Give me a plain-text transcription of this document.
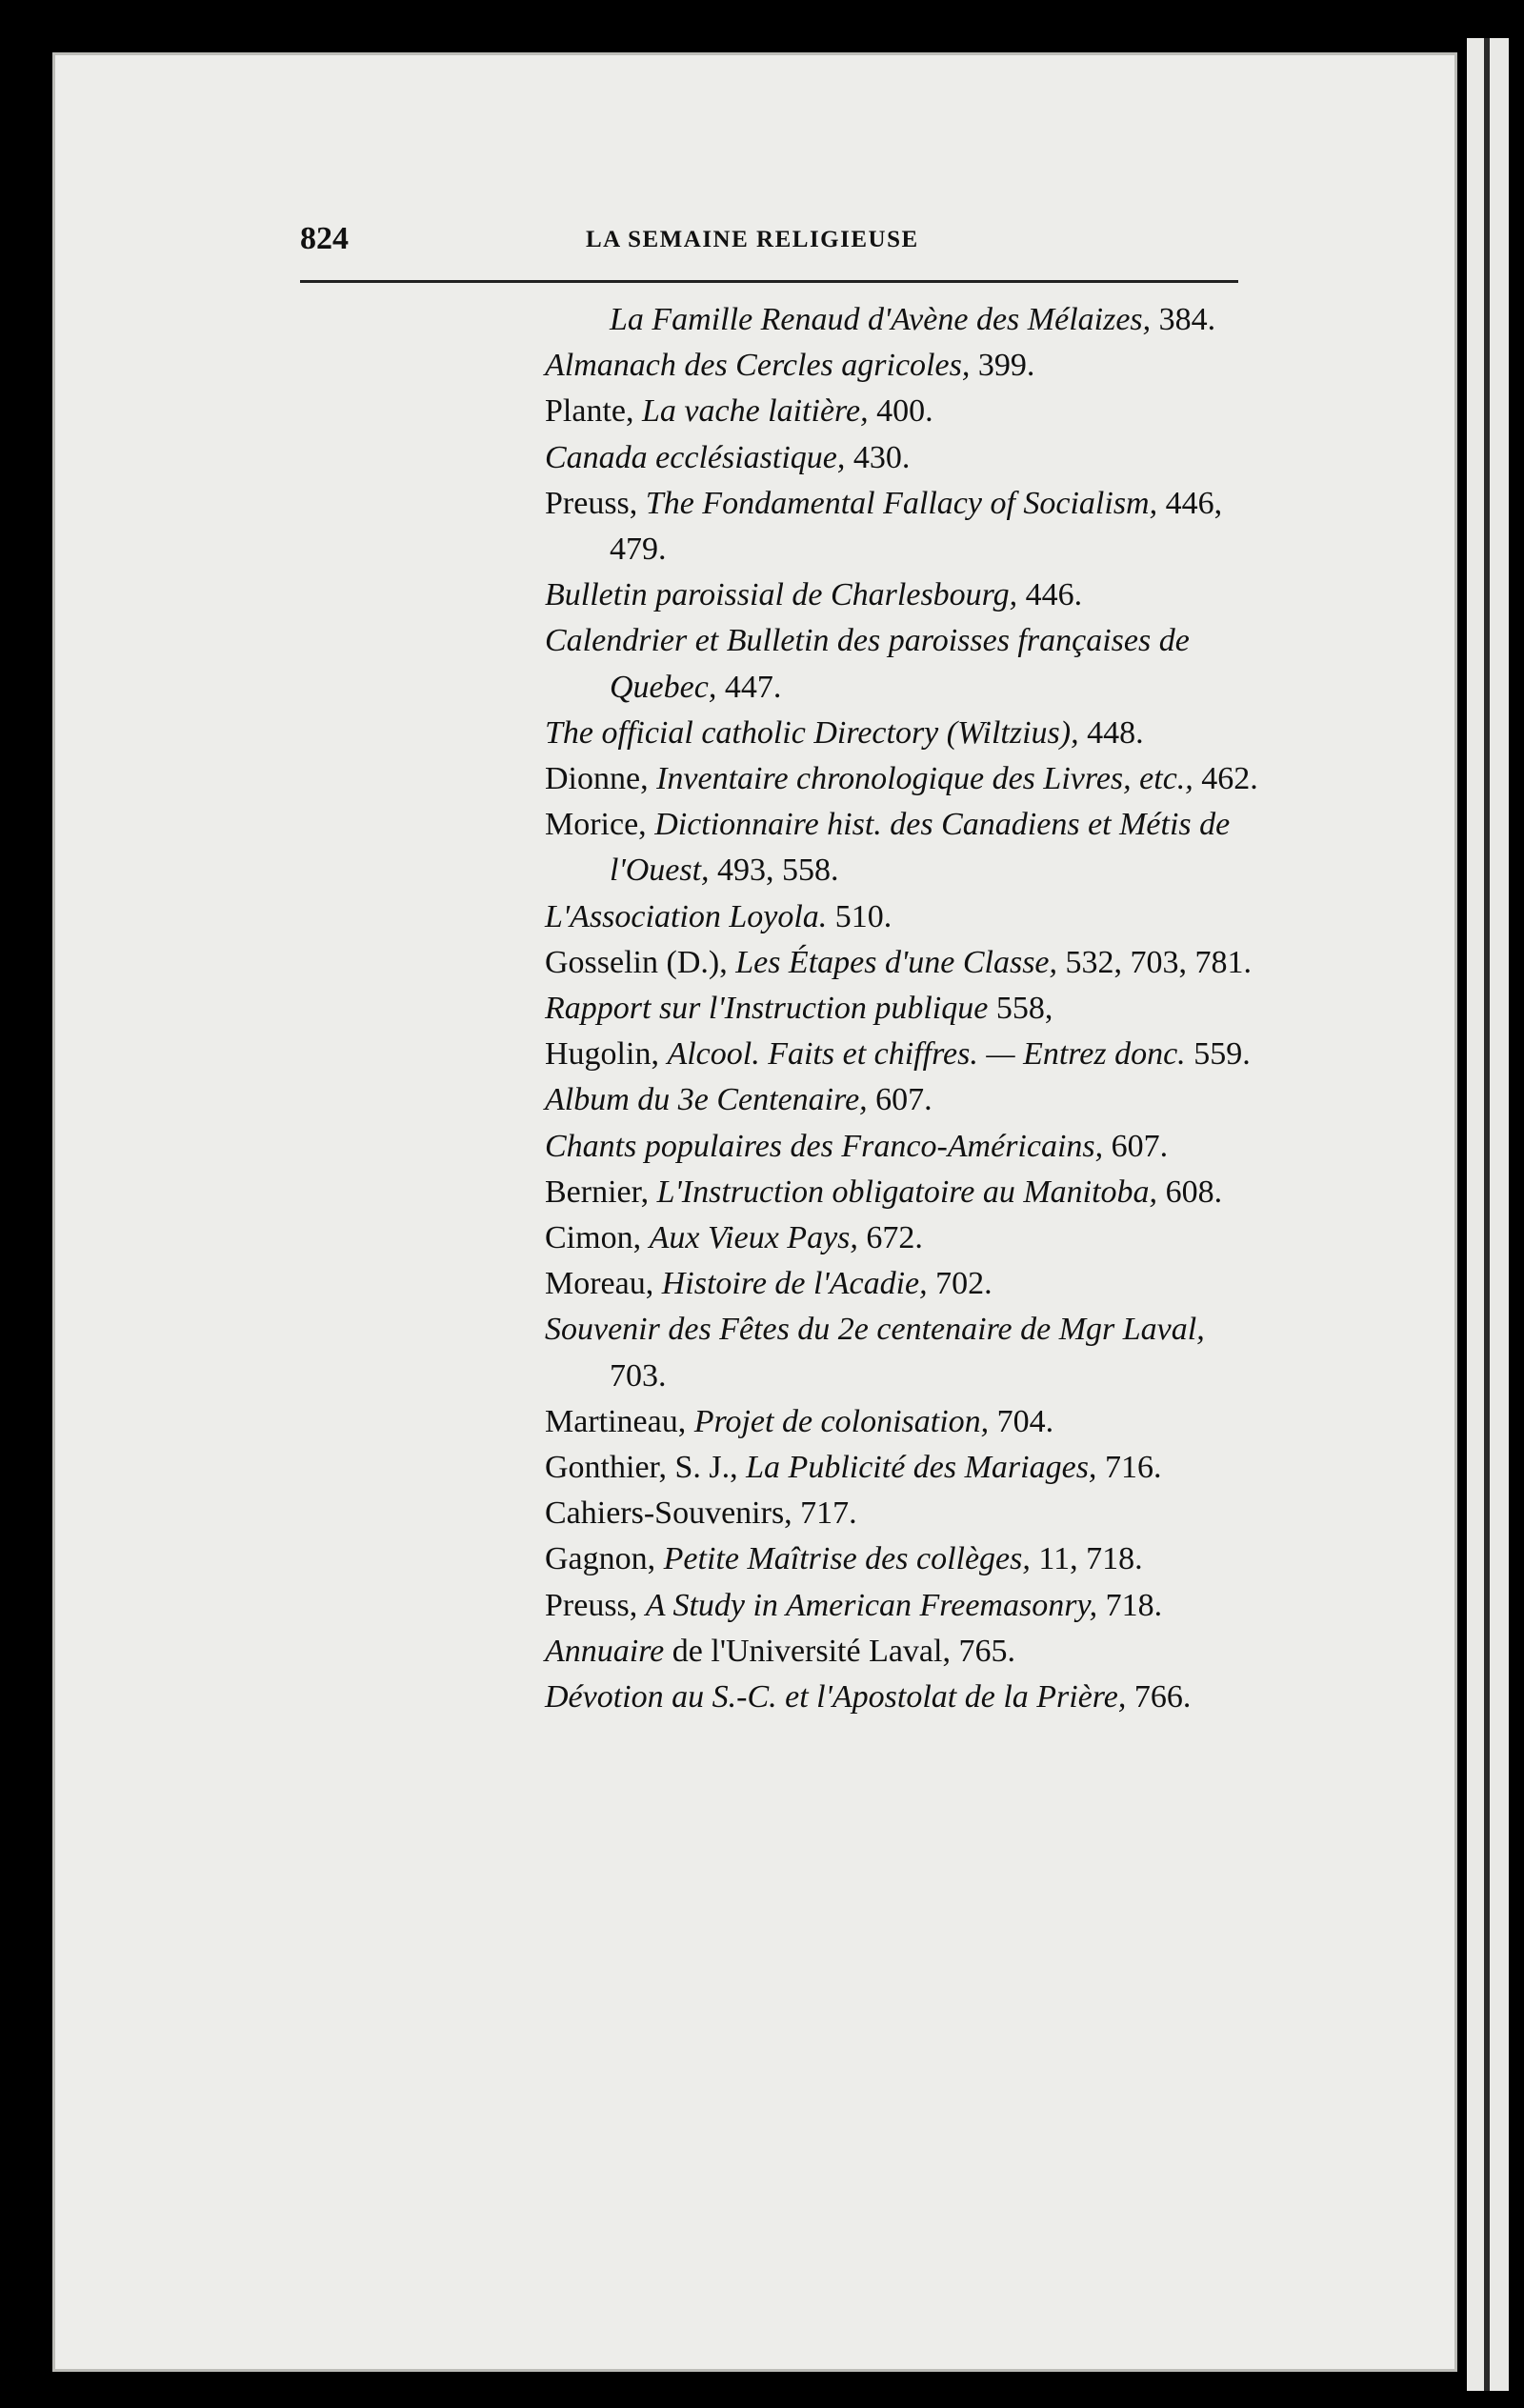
824	LA SEMAINE RELIGIEUSE
La Famille Renaud d'Avène des Mélaizes, 384.
Almanach des Cercles agricoles, 399.
Plante, La vache laitière, 400.
Canada ecclésiastique, 430.
Preuss, The Fondamental Fallacy of Socialism, 446, 479.
Bulletin paroissial de Charlesbourg, 446.
Calendrier et Bulletin des paroisses françaises de Quebec, 447.
The official catholic Directory (Wiltzius), 448.
Dionne, Inventaire chronologique des Livres, etc., 462.
Morice, Dictionnaire hist. des Canadiens et Métis de l'Ouest, 493, 558.
L'Association Loyola. 510.
Gosselin (D.), Les Étapes d'une Classe, 532, 703, 781.
Rapport sur l'Instruction publique 558,
Hugolin, Alcool. Faits et chiffres. — Entrez donc. 559.
Album du 3e Centenaire, 607.
Chants populaires des Franco-Américains, 607.
Bernier, L'Instruction obligatoire au Manitoba, 608.
Cimon, Aux Vieux Pays, 672.
Moreau, Histoire de l'Acadie, 702.
Souvenir des Fêtes du 2e centenaire de Mgr Laval, 703.
Martineau, Projet de colonisation, 704.
Gonthier, S. J., La Publicité des Mariages, 716.
Cahiers-Souvenirs, 717.
Gagnon, Petite Maîtrise des collèges, 11, 718.
Preuss, A Study in American Freemasonry, 718.
Annuaire de l'Université Laval, 765.
Dévotion au S.-C. et l'Apostolat de la Prière, 766.
